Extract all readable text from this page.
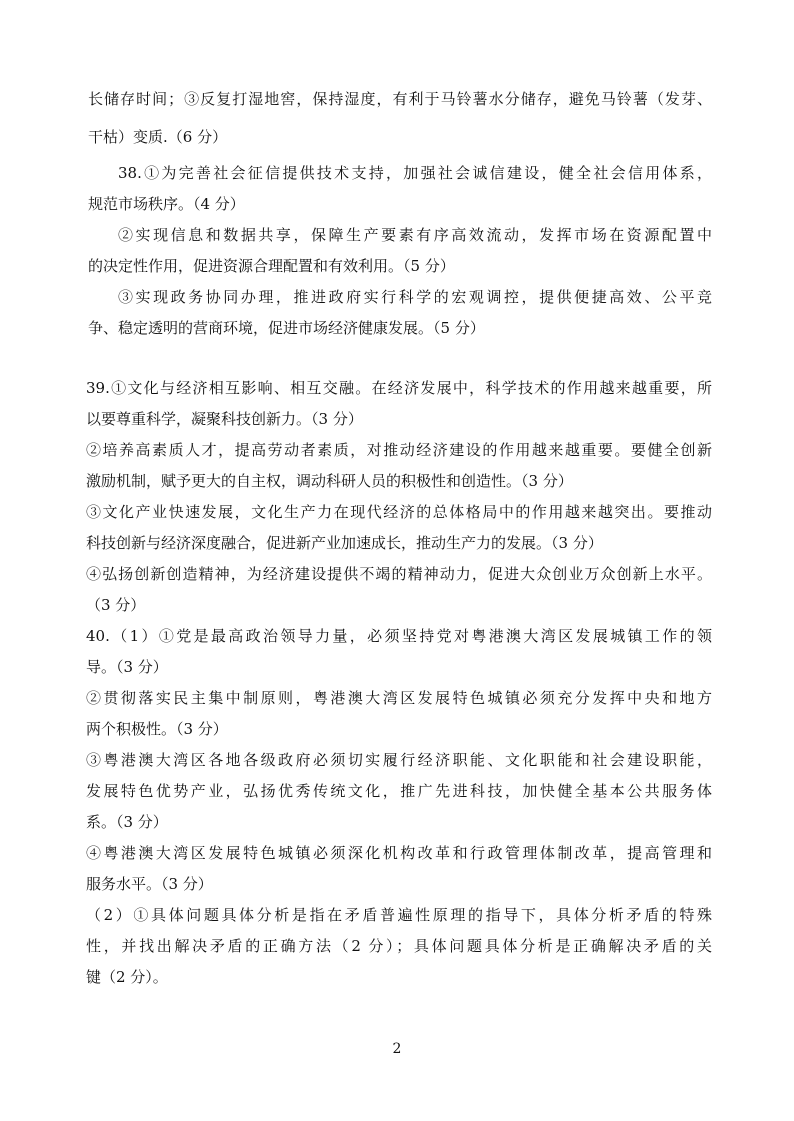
长储存时间；③反复打湿地窖，保持湿度，有利于马铃薯水分储存，避免马铃薯（发芽、
干枯）变质.（6 分）
38.①为完善社会征信提供技术支持，加强社会诚信建设，健全社会信用体系，
规范市场秩序。（4 分）
②实现信息和数据共享，保障生产要素有序高效流动，发挥市场在资源配置中
的决定性作用，促进资源合理配置和有效利用。（5 分）
③实现政务协同办理，推进政府实行科学的宏观调控，提供便捷高效、公平竞
争、稳定透明的营商环境，促进市场经济健康发展。（5 分）
39.①文化与经济相互影响、相互交融。在经济发展中，科学技术的作用越来越重要，所
以要尊重科学，凝聚科技创新力。（3 分）
②培养高素质人才，提高劳动者素质，对推动经济建设的作用越来越重要。要健全创新
激励机制，赋予更大的自主权，调动科研人员的积极性和创造性。（3 分）
③文化产业快速发展，文化生产力在现代经济的总体格局中的作用越来越突出。要推动
科技创新与经济深度融合，促进新产业加速成长，推动生产力的发展。（3 分）
④弘扬创新创造精神，为经济建设提供不竭的精神动力，促进大众创业万众创新上水平。
（3 分）
40.（1）①党是最高政治领导力量，必须坚持党对粤港澳大湾区发展城镇工作的领
导。（3 分）
②贯彻落实民主集中制原则，粤港澳大湾区发展特色城镇必须充分发挥中央和地方
两个积极性。（3 分）
③粤港澳大湾区各地各级政府必须切实履行经济职能、文化职能和社会建设职能，
发展特色优势产业，弘扬优秀传统文化，推广先进科技，加快健全基本公共服务体
系。（3 分）
④粤港澳大湾区发展特色城镇必须深化机构改革和行政管理体制改革，提高管理和
服务水平。（3 分）
（2）①具体问题具体分析是指在矛盾普遍性原理的指导下，具体分析矛盾的特殊
性，并找出解决矛盾的正确方法（2 分）；具体问题具体分析是正确解决矛盾的关
键（2 分）。
2
